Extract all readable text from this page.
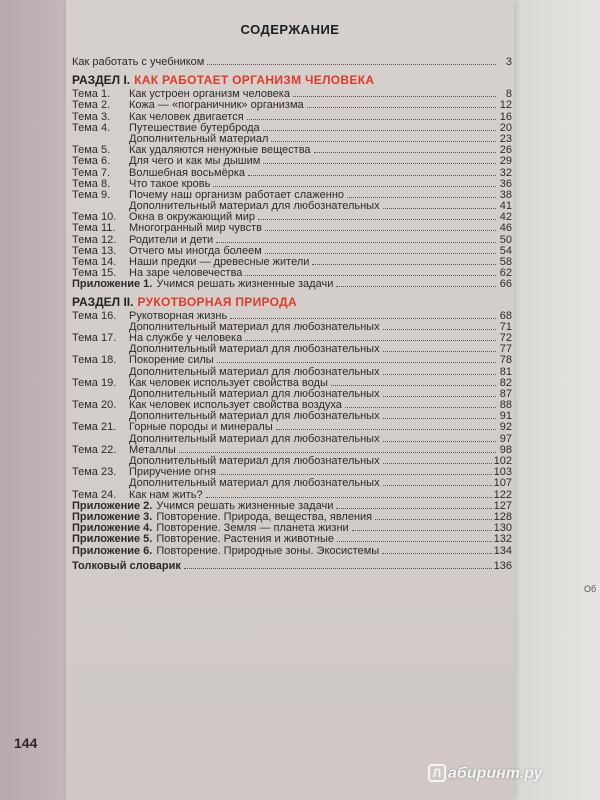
144
Об
СОДЕРЖАНИЕ
Как работать с учебником	3
РАЗДЕЛ I. КАК РАБОТАЕТ ОРГАНИЗМ ЧЕЛОВЕКА
Тема 1.	Как устроен организм человека	8
Тема 2.	Кожа — «пограничник» организма	12
Тема 3.	Как человек двигается	16
Тема 4.	Путешествие бутерброда	20
Дополнительный материал	23
Тема 5.	Как удаляются ненужные вещества	26
Тема 6.	Для чего и как мы дышим	29
Тема 7.	Волшебная восьмёрка	32
Тема 8.	Что такое кровь	36
Тема 9.	Почему наш организм работает слаженно	38
Дополнительный материал для любознательных	41
Тема 10.	Окна в окружающий мир	42
Тема 11.	Многогранный мир чувств	46
Тема 12.	Родители и дети	50
Тема 13.	Отчего мы иногда болеем	54
Тема 14.	Наши предки — древесные жители	58
Тема 15.	На заре человечества	62
Приложение 1. Учимся решать жизненные задачи	66
РАЗДЕЛ II. РУКОТВОРНАЯ ПРИРОДА
Тема 16.	Рукотворная жизнь	68
Дополнительный материал для любознательных	71
Тема 17.	На службе у человека	72
Дополнительный материал для любознательных	77
Тема 18.	Покорение силы	78
Дополнительный материал для любознательных	81
Тема 19.	Как человек использует свойства воды	82
Дополнительный материал для любознательных	87
Тема 20.	Как человек использует свойства воздуха	88
Дополнительный материал для любознательных	91
Тема 21.	Горные породы и минералы	92
Дополнительный материал для любознательных	97
Тема 22.	Металлы	98
Дополнительный материал для любознательных	102
Тема 23.	Приручение огня	103
Дополнительный материал для любознательных	107
Тема 24.	Как нам жить?	122
Приложение 2. Учимся решать жизненные задачи	127
Приложение 3. Повторение. Природа, вещества, явления	128
Приложение 4. Повторение. Земля — планета жизни	130
Приложение 5. Повторение. Растения и животные	132
Приложение 6. Повторение. Природные зоны. Экосистемы	134
Толковый словарик	136
Л абиринт.ру
